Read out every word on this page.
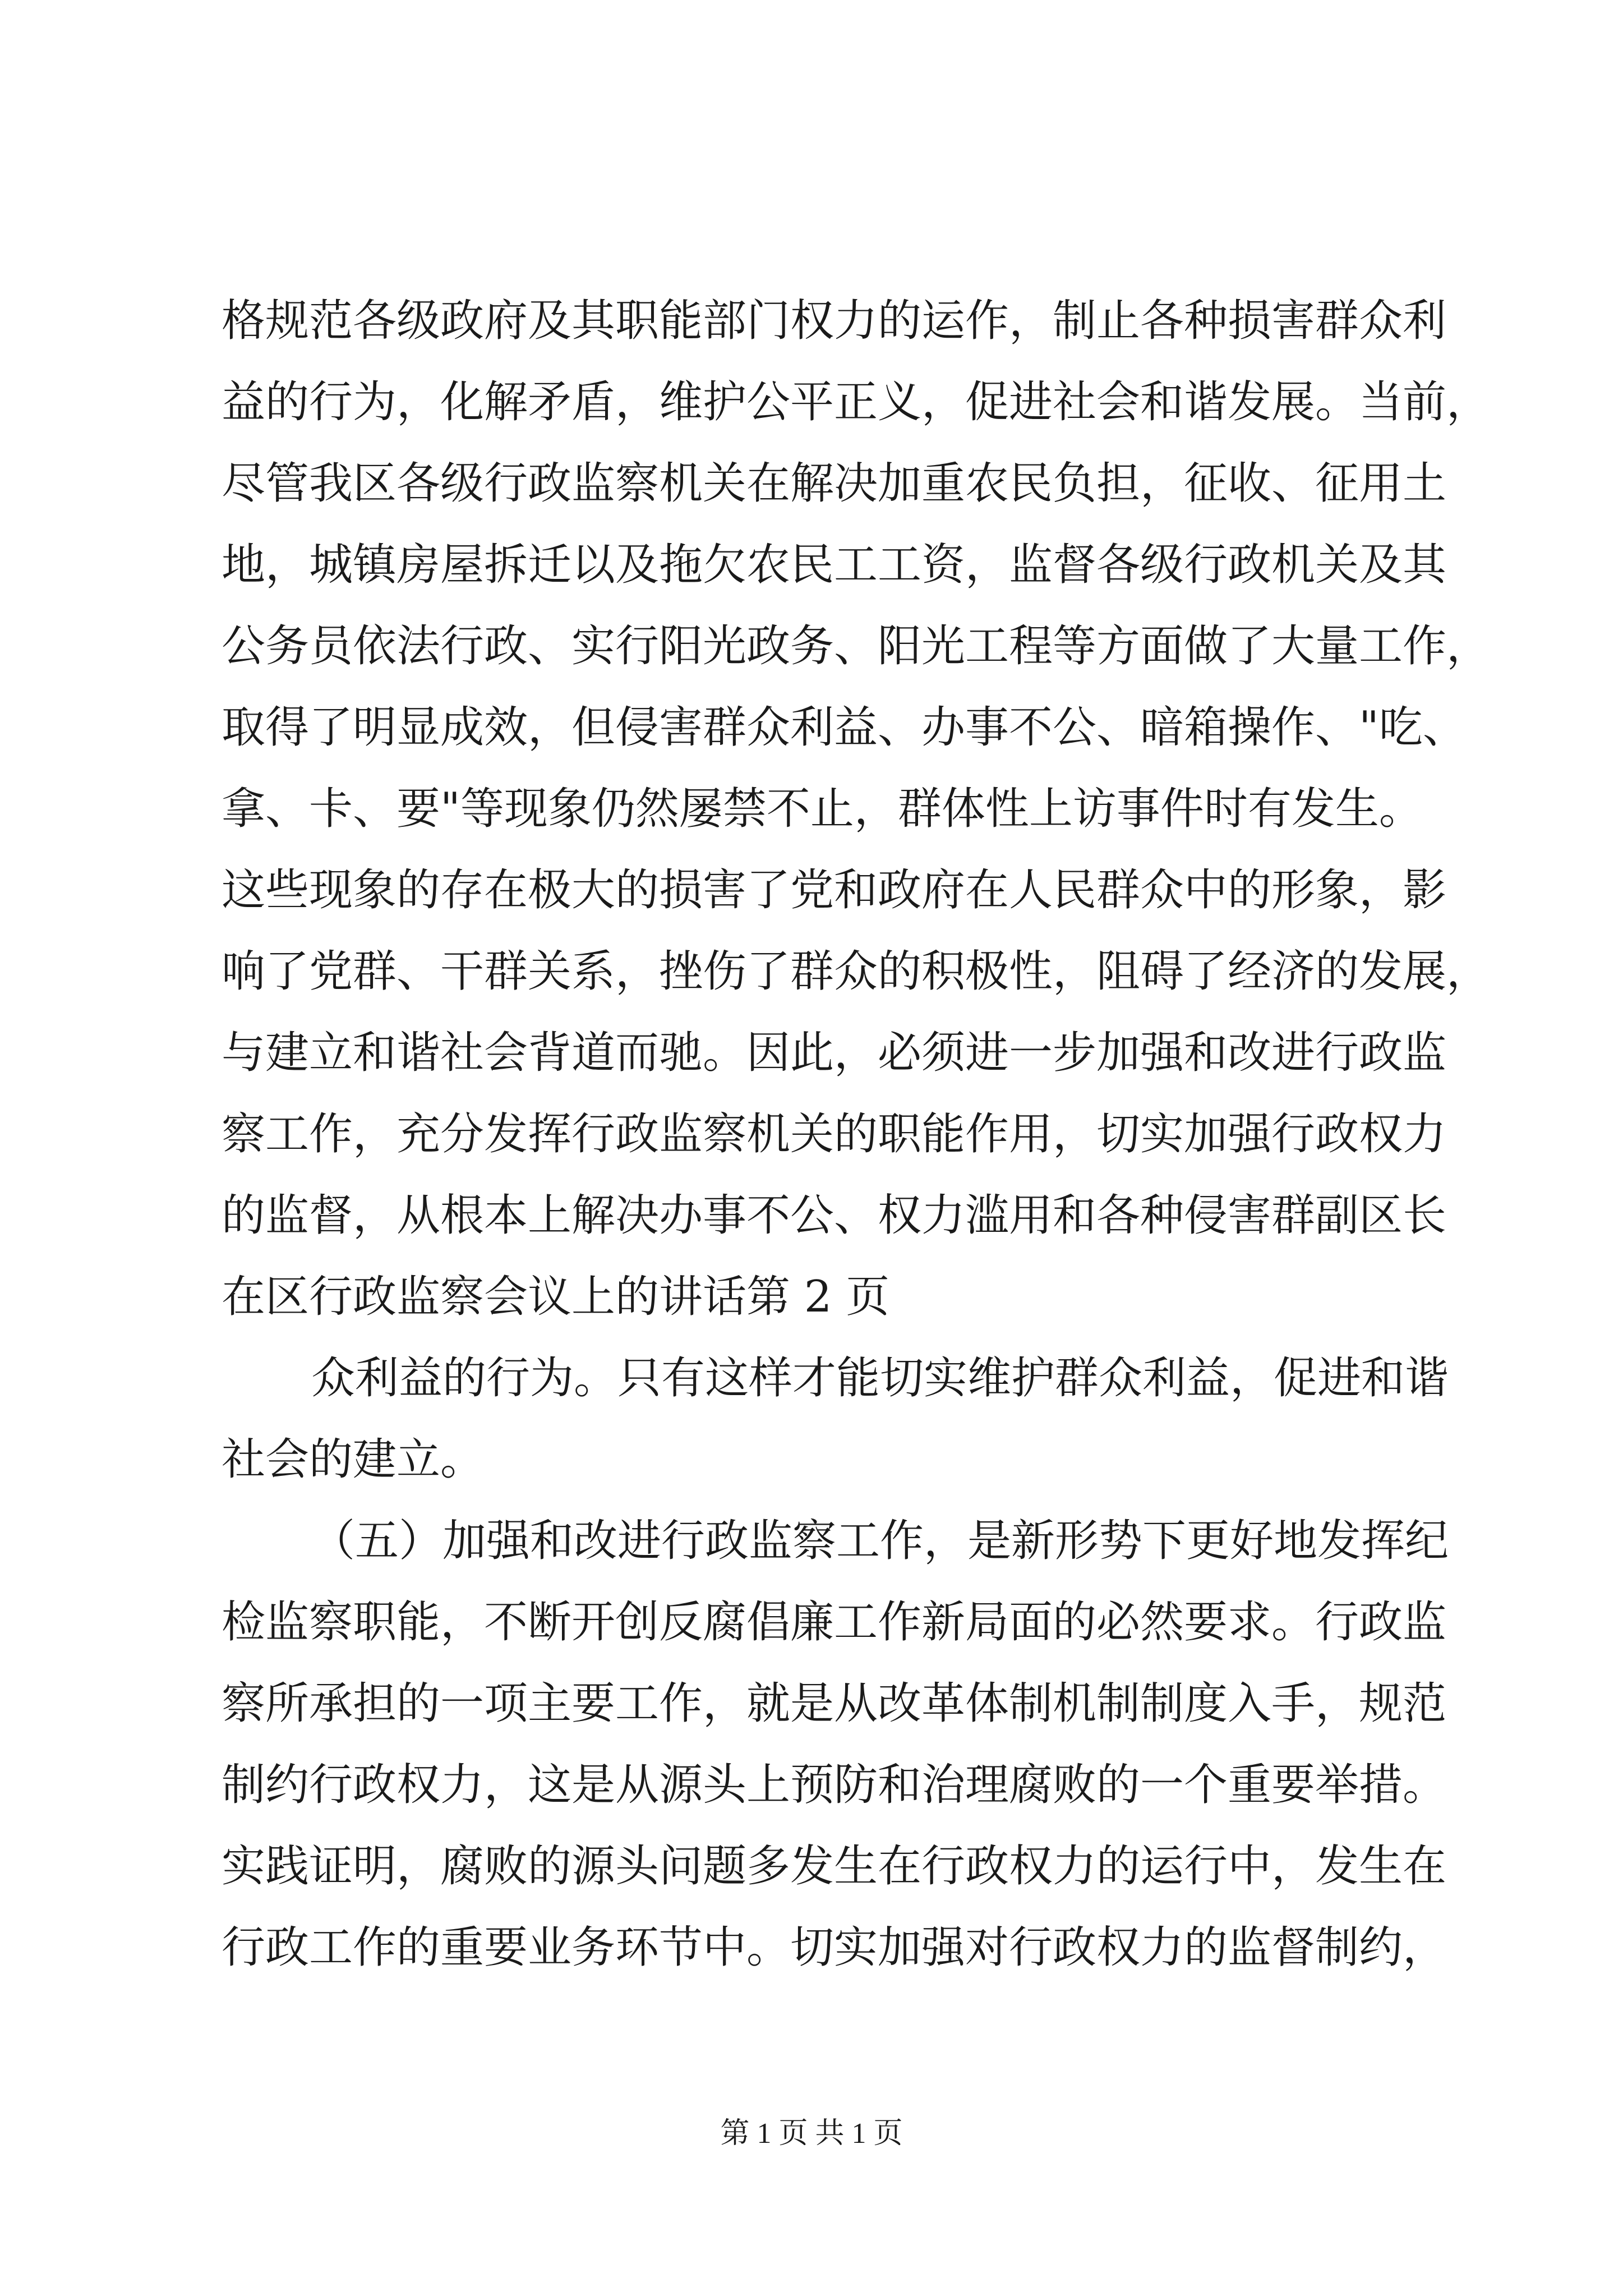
格规范各级政府及其职能部门权力的运作，制止各种损害群众利
益的行为，化解矛盾，维护公平正义，促进社会和谐发展。当前，
尽管我区各级行政监察机关在解决加重农民负担，征收、征用土
地，城镇房屋拆迁以及拖欠农民工工资，监督各级行政机关及其
公务员依法行政、实行阳光政务、阳光工程等方面做了大量工作，
取得了明显成效，但侵害群众利益、办事不公、暗箱操作、"吃、
拿、卡、要"等现象仍然屡禁不止，群体性上访事件时有发生。
这些现象的存在极大的损害了党和政府在人民群众中的形象，影
响了党群、干群关系，挫伤了群众的积极性，阻碍了经济的发展，
与建立和谐社会背道而驰。因此，必须进一步加强和改进行政监
察工作，充分发挥行政监察机关的职能作用，切实加强行政权力
的监督，从根本上解决办事不公、权力滥用和各种侵害群副区长
在区行政监察会议上的讲话第 2 页
众利益的行为。只有这样才能切实维护群众利益，促进和谐
社会的建立。
（五）加强和改进行政监察工作，是新形势下更好地发挥纪
检监察职能，不断开创反腐倡廉工作新局面的必然要求。行政监
察所承担的一项主要工作，就是从改革体制机制制度入手，规范
制约行政权力，这是从源头上预防和治理腐败的一个重要举措。
实践证明，腐败的源头问题多发生在行政权力的运行中，发生在
行政工作的重要业务环节中。切实加强对行政权力的监督制约，
第 1 页 共 1 页
